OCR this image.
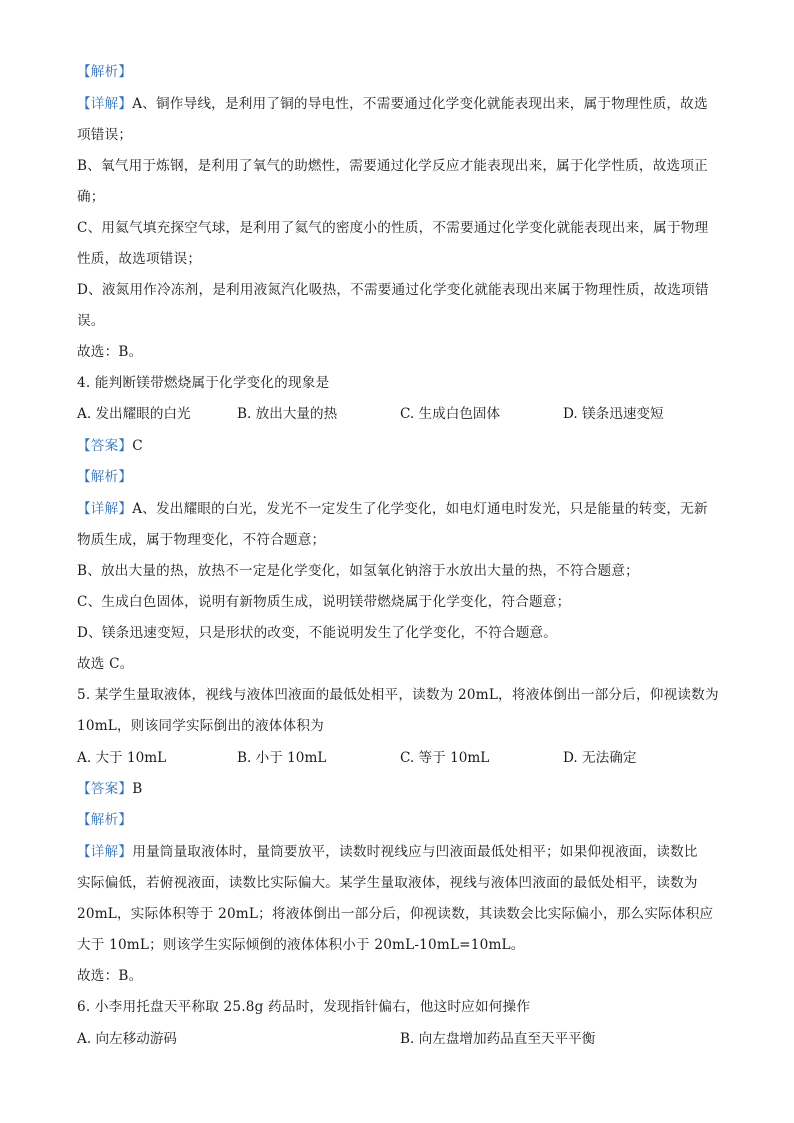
【解析】
【详解】A、铜作导线，是利用了铜的导电性，不需要通过化学变化就能表现出来，属于物理性质，故选
项错误；
B、氧气用于炼钢，是利用了氧气的助燃性，需要通过化学反应才能表现出来，属于化学性质，故选项正
确；
C、用氦气填充探空气球，是利用了氦气的密度小的性质，不需要通过化学变化就能表现出来，属于物理
性质，故选项错误；
D、液氮用作冷冻剂，是利用液氮汽化吸热，不需要通过化学变化就能表现出来属于物理性质，故选项错
误。
故选：B。
4. 能判断镁带燃烧属于化学变化的现象是
A. 发出耀眼的白光	B. 放出大量的热	C. 生成白色固体	D. 镁条迅速变短
【答案】C
【解析】
【详解】A、发出耀眼的白光，发光不一定发生了化学变化，如电灯通电时发光，只是能量的转变，无新
物质生成，属于物理变化，不符合题意；
B、放出大量的热，放热不一定是化学变化，如氢氧化钠溶于水放出大量的热，不符合题意；
C、生成白色固体，说明有新物质生成，说明镁带燃烧属于化学变化，符合题意；
D、镁条迅速变短，只是形状的改变，不能说明发生了化学变化，不符合题意。
故选 C。
5. 某学生量取液体，视线与液体凹液面的最低处相平，读数为 20mL，将液体倒出一部分后，仰视读数为
10mL，则该同学实际倒出的液体体积为
A. 大于 10mL	B. 小于 10mL	C. 等于 10mL	D. 无法确定
【答案】B
【解析】
【详解】用量筒量取液体时，量筒要放平，读数时视线应与凹液面最低处相平；如果仰视液面，读数比
实际偏低，若俯视液面，读数比实际偏大。某学生量取液体，视线与液体凹液面的最低处相平，读数为
20mL，实际体积等于 20mL；将液体倒出一部分后，仰视读数，其读数会比实际偏小，那么实际体积应
大于 10mL；则该学生实际倾倒的液体体积小于 20mL-10mL=10mL。
故选：B。
6. 小李用托盘天平称取 25.8g 药品时，发现指针偏右，他这时应如何操作
A. 向左移动游码	B. 向左盘增加药品直至天平平衡
